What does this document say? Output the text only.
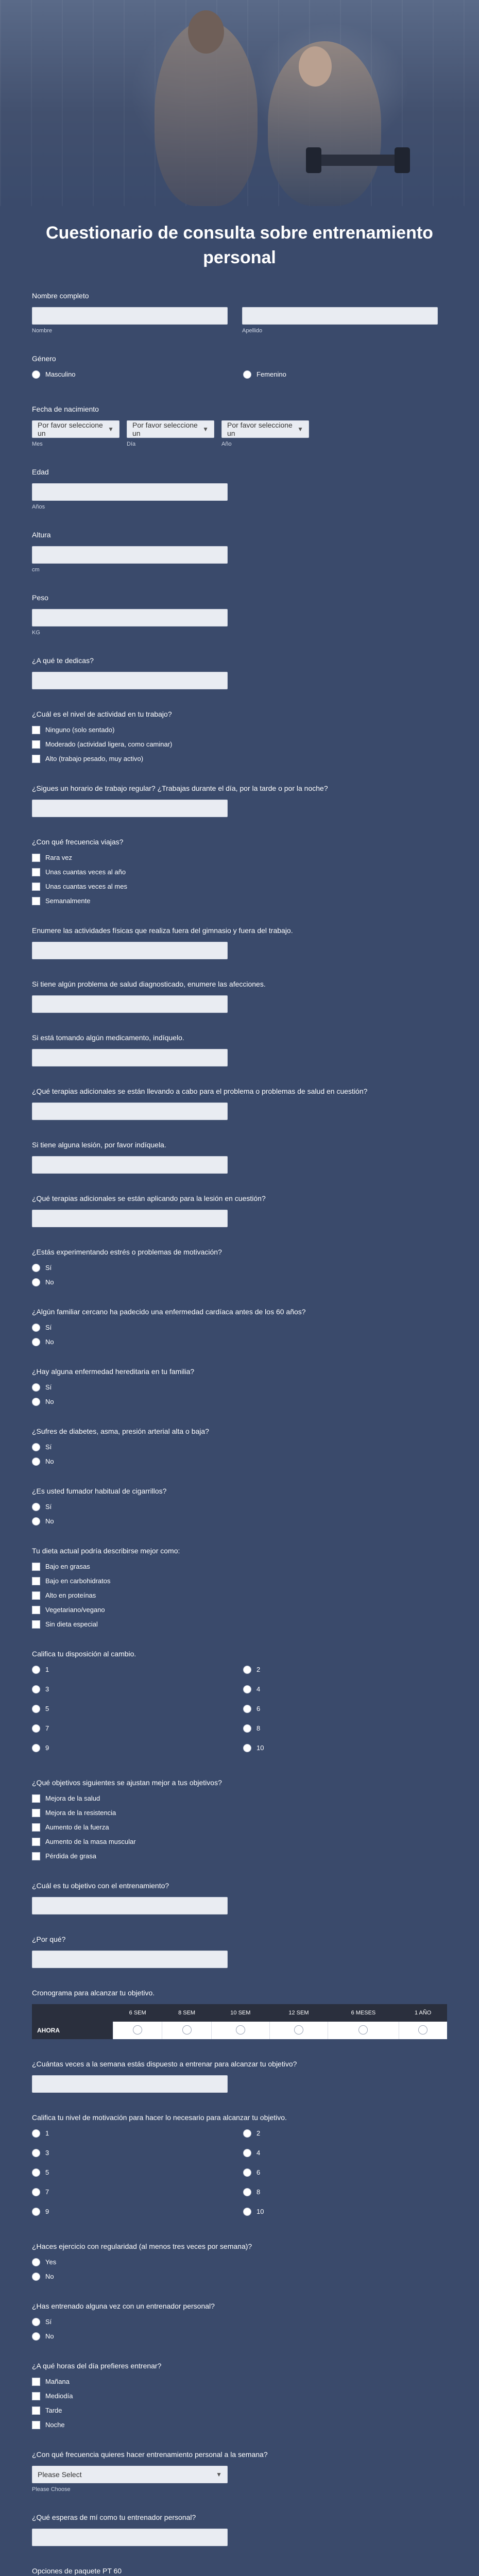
Cuestionario de consulta sobre entrenamiento personal
Nombre completo
Nombre	Apellido
Género
Masculino	Femenino
Fecha de nacimiento
Por favor seleccione un	▼
Mes
Por favor seleccione un	▼
Día
Por favor seleccione un	▼
Año
Edad
Años
Altura
cm
Peso
KG
¿A qué te dedicas?
¿Cuál es el nivel de actividad en tu trabajo?
Ninguno (solo sentado)
Moderado (actividad ligera, como caminar)
Alto (trabajo pesado, muy activo)
¿Sigues un horario de trabajo regular? ¿Trabajas durante el día, por la tarde o por la noche?
¿Con qué frecuencia viajas?
Rara vez
Unas cuantas veces al año
Unas cuantas veces al mes
Semanalmente
Enumere las actividades físicas que realiza fuera del gimnasio y fuera del trabajo.
Si tiene algún problema de salud diagnosticado, enumere las afecciones.
Si está tomando algún medicamento, indíquelo.
¿Qué terapias adicionales se están llevando a cabo para el problema o problemas de salud en cuestión?
Si tiene alguna lesión, por favor indíquela.
¿Qué terapias adicionales se están aplicando para la lesión en cuestión?
¿Estás experimentando estrés o problemas de motivación?
Sí
No
¿Algún familiar cercano ha padecido una enfermedad cardíaca antes de los 60 años?
Sí
No
¿Hay alguna enfermedad hereditaria en tu familia?
Sí
No
¿Sufres de diabetes, asma, presión arterial alta o baja?
Sí
No
¿Es usted fumador habitual de cigarrillos?
Sí
No
Tu dieta actual podría describirse mejor como:
Bajo en grasas
Bajo en carbohidratos
Alto en proteínas
Vegetariano/vegano
Sin dieta especial
Califica tu disposición al cambio.
1	2
3	4
5	6
7	8
9	10
¿Qué objetivos siguientes se ajustan mejor a tus objetivos?
Mejora de la salud
Mejora de la resistencia
Aumento de la fuerza
Aumento de la masa muscular
Pérdida de grasa
¿Cuál es tu objetivo con el entrenamiento?
¿Por qué?
Cronograma para alcanzar tu objetivo.
	6 SEM	8 SEM	10 SEM	12 SEM	6 MESES	1 AÑO
AHORA						
¿Cuántas veces a la semana estás dispuesto a entrenar para alcanzar tu objetivo?
Califica tu nivel de motivación para hacer lo necesario para alcanzar tu objetivo.
1	2
3	4
5	6
7	8
9	10
¿Haces ejercicio con regularidad (al menos tres veces por semana)?
Yes
No
¿Has entrenado alguna vez con un entrenador personal?
Sí
No
¿A qué horas del día prefieres entrenar?
Mañana
Mediodía
Tarde
Noche
¿Con qué frecuencia quieres hacer entrenamiento personal a la semana?
Please Select	▼
Please Choose
¿Qué esperas de mí como tu entrenador personal?
Opciones de paquete PT 60
